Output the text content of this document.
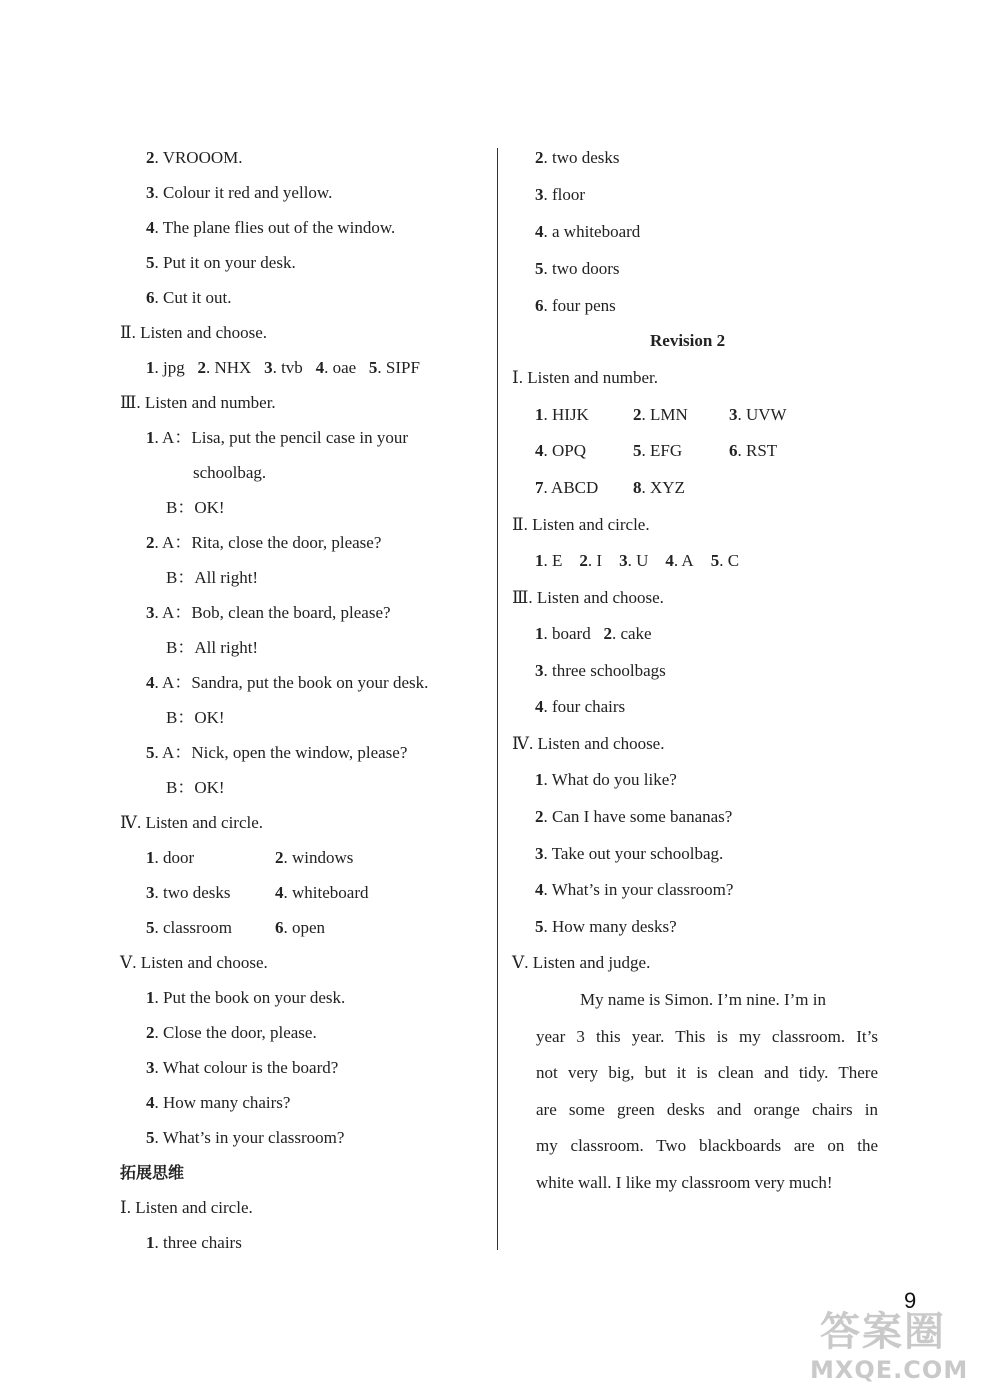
2. VROOOM.
3. Colour it red and yellow.
4. The plane flies out of the window.
5. Put it on your desk.
6. Cut it out.
Ⅱ. Listen and choose.
1. jpg 2. NHX 3. tvb 4. oae 5. SIPF
Ⅲ. Listen and number.
1. A：Lisa, put the pencil case in your
schoolbag.
B：OK!
2. A：Rita, close the door, please?
B：All right!
3. A：Bob, clean the board, please?
B：All right!
4. A：Sandra, put the book on your desk.
B：OK!
5. A：Nick, open the window, please?
B：OK!
Ⅳ. Listen and circle.
1. door	2. windows
3. two desks	4. whiteboard
5. classroom	6. open
Ⅴ. Listen and choose.
1. Put the book on your desk.
2. Close the door, please.
3. What colour is the board?
4. How many chairs?
5. What’s in your classroom?
拓展思维
Ⅰ. Listen and circle.
1. three chairs
2. two desks
3. floor
4. a whiteboard
5. two doors
6. four pens
Revision 2
Ⅰ. Listen and number.
1. HIJK	2. LMN 3. UVW
4. OPQ	5. EFG	6. RST
7. ABCD 8. XYZ
Ⅱ. Listen and circle.
1. E 2. I 3. U 4. A 5. C
Ⅲ. Listen and choose.
1. board 2. cake
3. three schoolbags
4. four chairs
Ⅳ. Listen and choose.
1. What do you like?
2. Can I have some bananas?
3. Take out your schoolbag.
4. What’s in your classroom?
5. How many desks?
Ⅴ. Listen and judge.
My name is Simon. I’m nine. I’m in
year 3 this year. This is my classroom. It’s
not very big, but it is clean and tidy. There
are some green desks and orange chairs in
my classroom. Two blackboards are on the
white wall. I like my classroom very much!
9
答案圈
MXQE.COM
